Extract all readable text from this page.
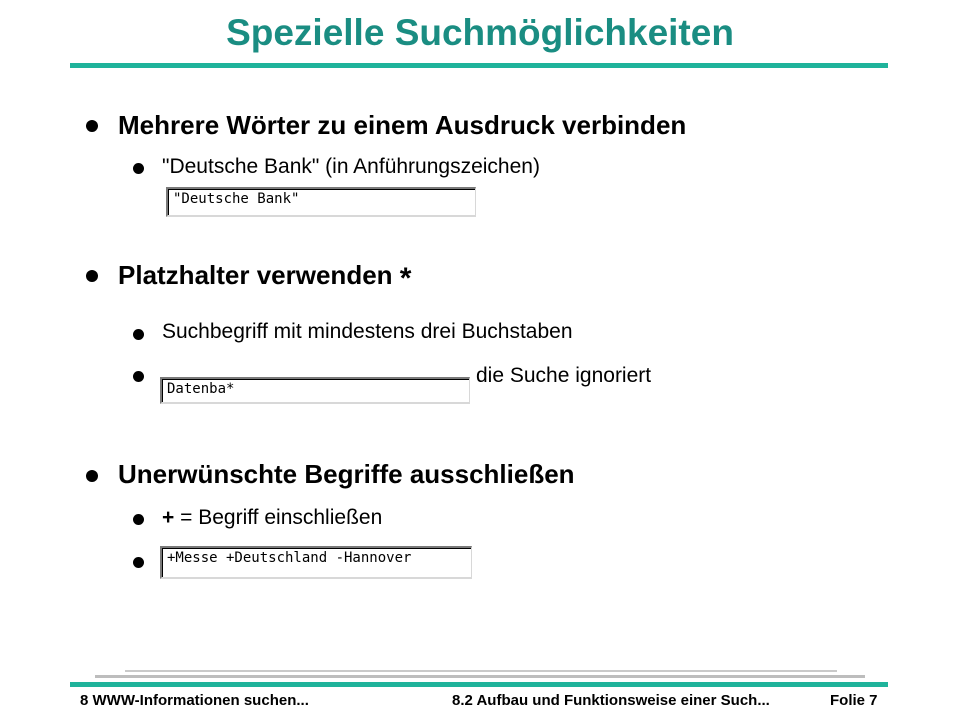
Spezielle Suchmöglichkeiten
Mehrere Wörter zu einem Ausdruck verbinden
"Deutsche Bank" (in Anführungszeichen)
"Deutsche Bank"
Platzhalter verwenden *
Suchbegriff mit mindestens drei Buchstaben
die Suche ignoriert
Datenba*
Unerwünschte Begriffe ausschließen
+ = Begriff einschließen
+Messe +Deutschland -Hannover
8 WWW-Informationen suchen...	8.2 Aufbau und Funktionsweise einer Such...	Folie 7
